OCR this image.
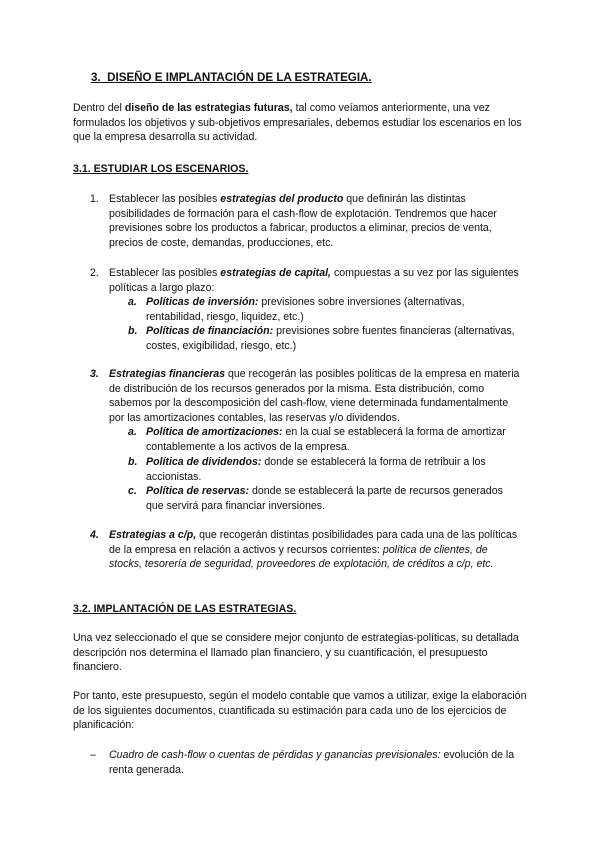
3. DISEÑO E IMPLANTACIÓN DE LA ESTRATEGIA.
Dentro del diseño de las estrategias futuras, tal como veíamos anteriormente, una vez formulados los objetivos y sub-objetivos empresariales, debemos estudiar los escenarios en los que la empresa desarrolla su actividad.
3.1. ESTUDIAR LOS ESCENARIOS.
1. Establecer las posibles estrategias del producto que definirán las distintas posibilidades de formación para el cash-flow de explotación. Tendremos que hacer previsiones sobre los productos a fabricar, productos a eliminar, precios de venta, precios de coste, demandas, producciones, etc.
2. Establecer las posibles estrategias de capital, compuestas a su vez por las siguientes políticas a largo plazo:
a. Políticas de inversión: previsiones sobre inversiones (alternativas, rentabilidad, riesgo, liquidez, etc.)
b. Políticas de financiación: previsiones sobre fuentes financieras (alternativas, costes, exigibilidad, riesgo, etc.)
3. Estrategias financieras que recogerán las posibles políticas de la empresa en materia de distribución de los recursos generados por la misma. Esta distribución, como sabemos por la descomposición del cash-flow, viene determinada fundamentalmente por las amortizaciones contables, las reservas y/o dividendos.
a. Política de amortizaciones: en la cual se establecerá la forma de amortizar contablemente a los activos de la empresa.
b. Política de dividendos: donde se establecerá la forma de retribuir a los accionistas.
c. Política de reservas: donde se establecerá la parte de recursos generados que servirá para financiar inversiones.
4. Estrategias a c/p, que recogerán distintas posibilidades para cada una de las políticas de la empresa en relación a activos y recursos corrientes: política de clientes, de stocks, tesorería de seguridad, proveedores de explotación, de créditos a c/p, etc.
3.2. IMPLANTACIÓN DE LAS ESTRATEGIAS.
Una vez seleccionado el que se considere mejor conjunto de estrategias-políticas, su detallada descripción nos determina el llamado plan financiero, y su cuantificación, el presupuesto financiero.
Por tanto, este presupuesto, según el modelo contable que vamos a utilizar, exige la elaboración de los siguientes documentos, cuantificada su estimación para cada uno de los ejercicios de planificación:
– Cuadro de cash-flow o cuentas de pérdidas y ganancias previsionales: evolución de la renta generada.
